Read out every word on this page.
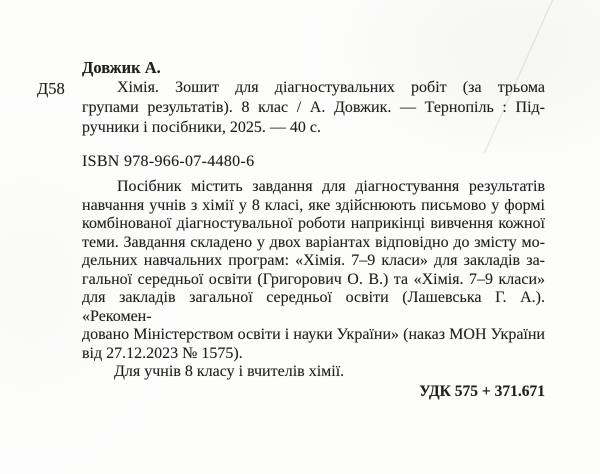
Довжик А.
Д58	Хімія. Зошит для діагностувальних робіт (за трьома
групами результатів). 8 клас / А. Довжик. — Тернопіль : Під-
ручники і посібники, 2025. — 40 с.
ISBN 978-966-07-4480-6
Посібник містить завдання для діагностування результатів
навчання учнів з хімії у 8 класі, яке здійснюють письмово у формі
комбінованої діагностувальної роботи наприкінці вивчення кожної
теми. Завдання складено у двох варіантах відповідно до змісту мо-
дельних навчальних програм: «Хімія. 7–9 класи» для закладів за-
гальної середньої освіти (Григорович О. В.) та «Хімія. 7–9 класи»
для закладів загальної середньої освіти (Лашевська Г. А.). «Рекомен-
довано Міністерством освіти і науки України» (наказ МОН України
від 27.12.2023 № 1575).
Для учнів 8 класу і вчителів хімії.
УДК 575 + 371.671
